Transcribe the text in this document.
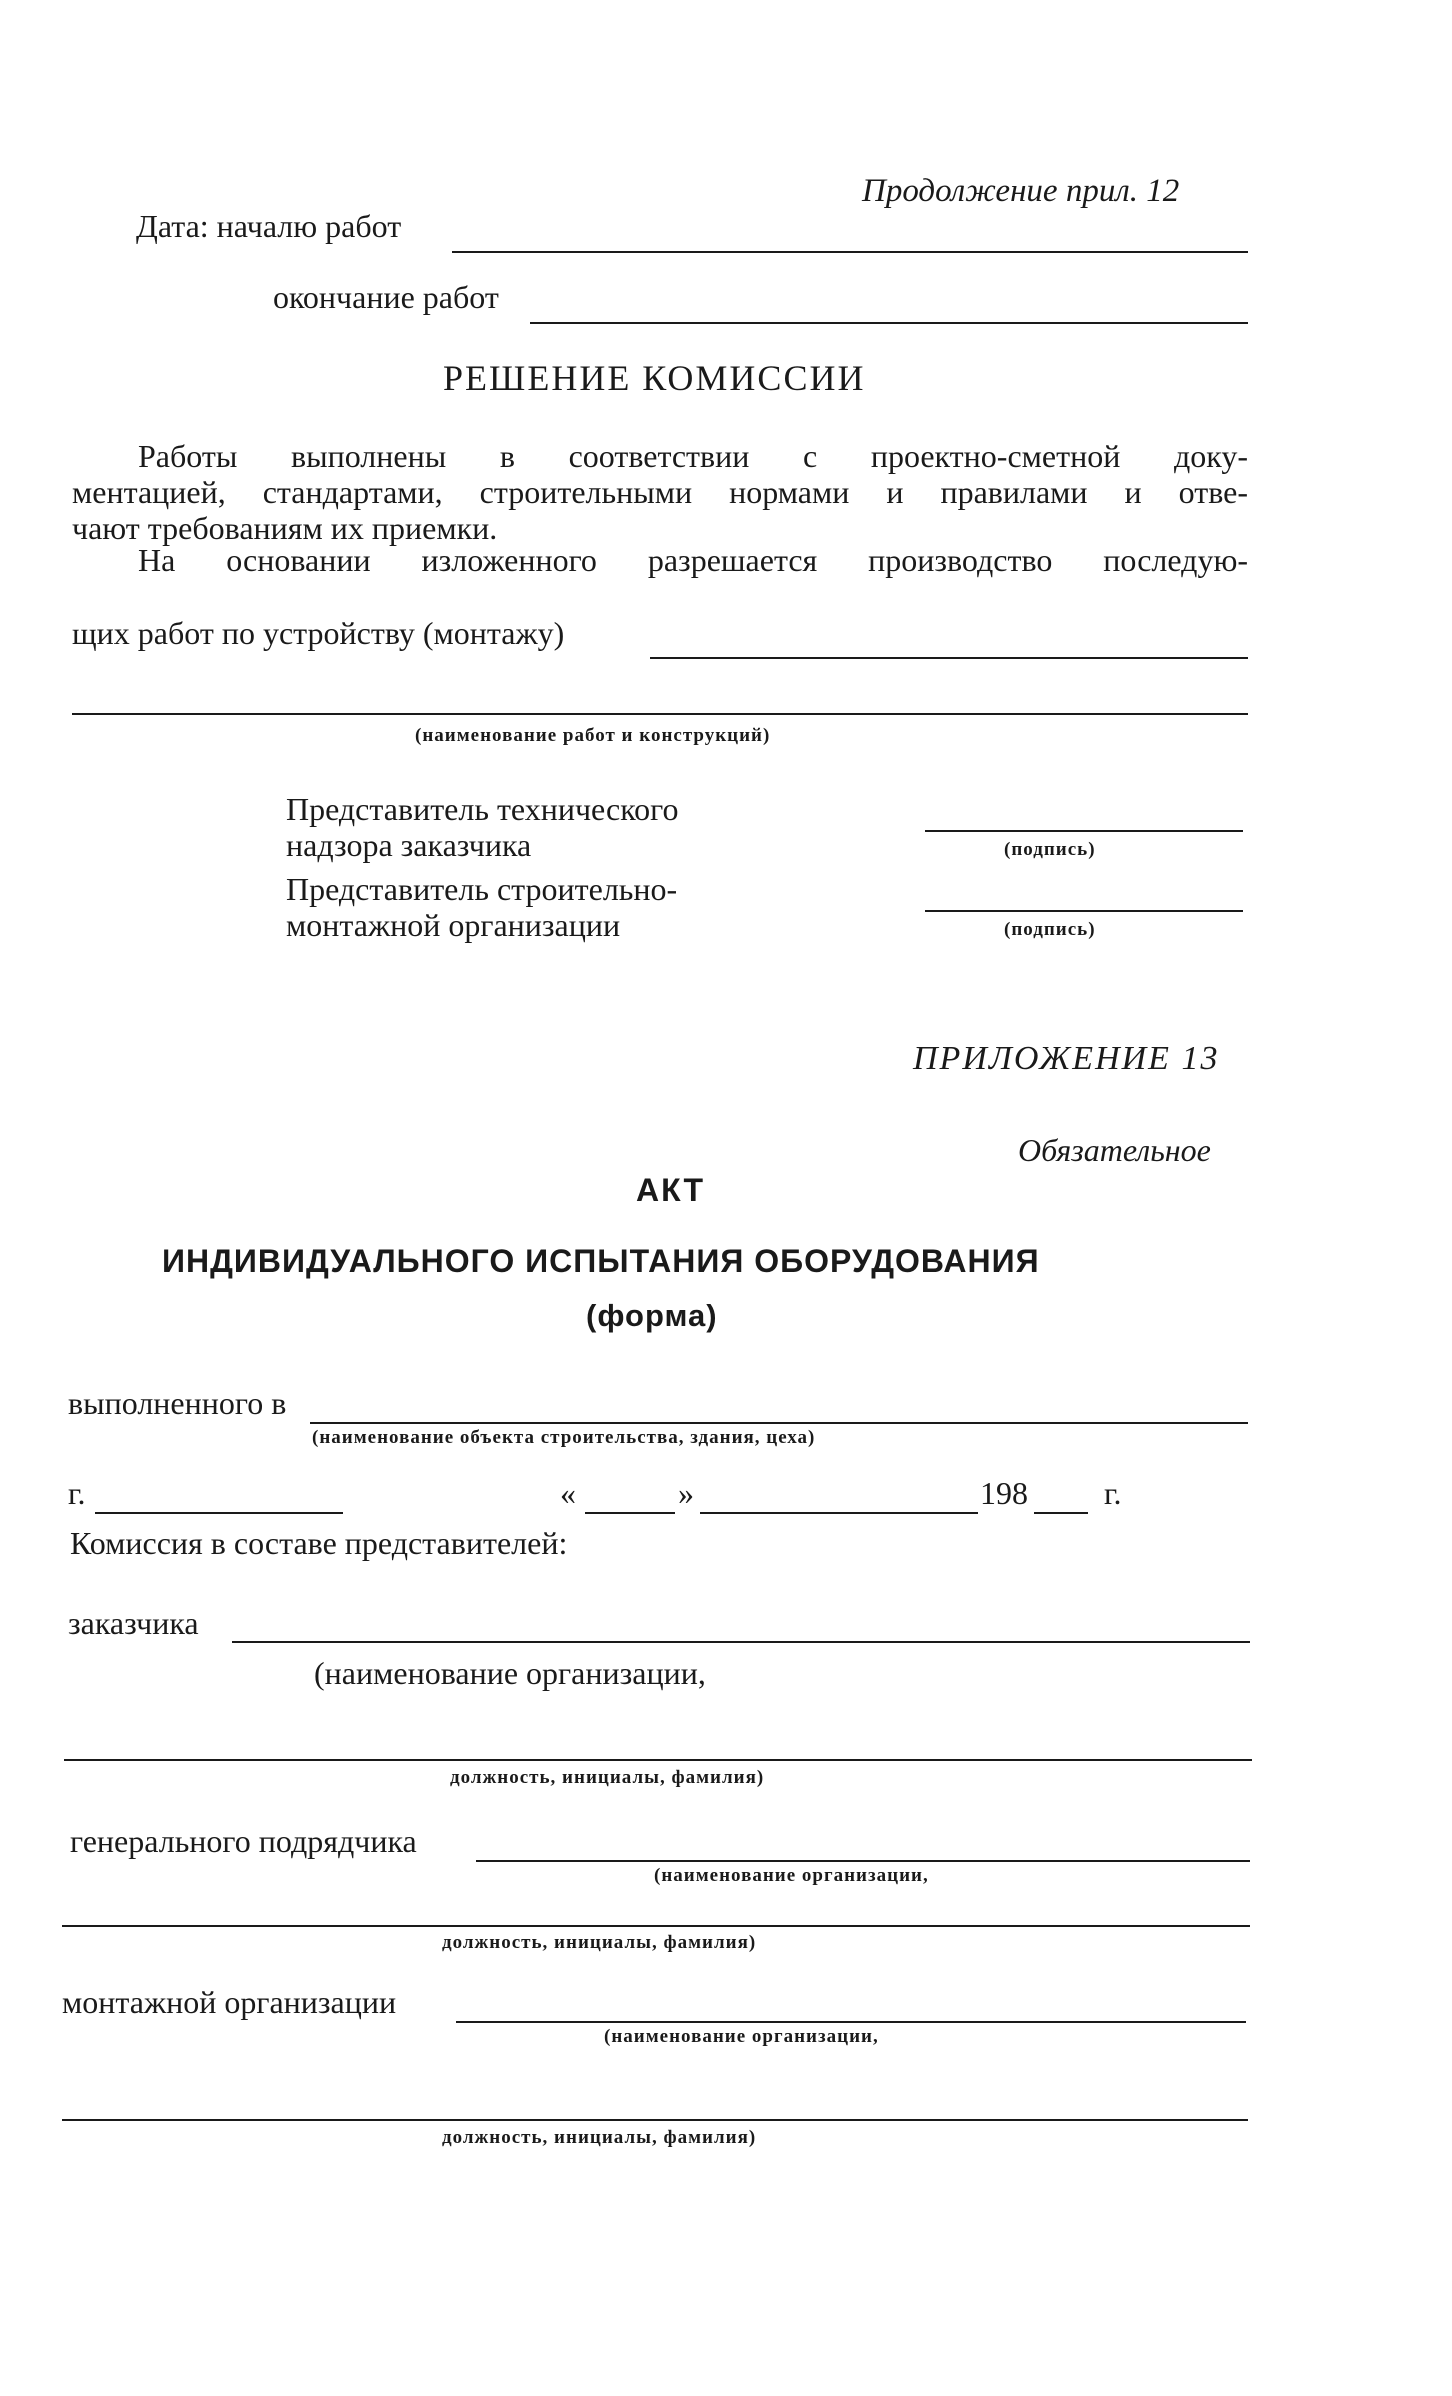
Продолжение прил. 12
Дата: началю работ
окончание работ
РЕШЕНИЕ КОМИССИИ
Работы выполнены в соответствии с проектно-сметной доку-
ментацией, стандартами, строительными нормами и правилами и отве-
чают требованиям их приемки.
На основании изложенного разрешается производство последую-
щих работ по устройству (монтажу)
(наименование работ и конструкций)
Представитель технического
надзора заказчика	(подпись)
Представитель строительно-
монтажной организации	(подпись)
ПРИЛОЖЕНИЕ 13
Обязательное
АКТ
ИНДИВИДУАЛЬНОГО ИСПЫТАНИЯ ОБОРУДОВАНИЯ
(форма)
выполненного в
(наименование объекта строительства, здания, цеха)
г.	«	»	198 г.
Комиссия в составе представителей:
заказчика
(наименование организации,
должность, инициалы, фамилия)
генерального подрядчика
(наименование организации,
должность, инициалы, фамилия)
монтажной организации
(наименование организации,
должность, инициалы, фамилия)
